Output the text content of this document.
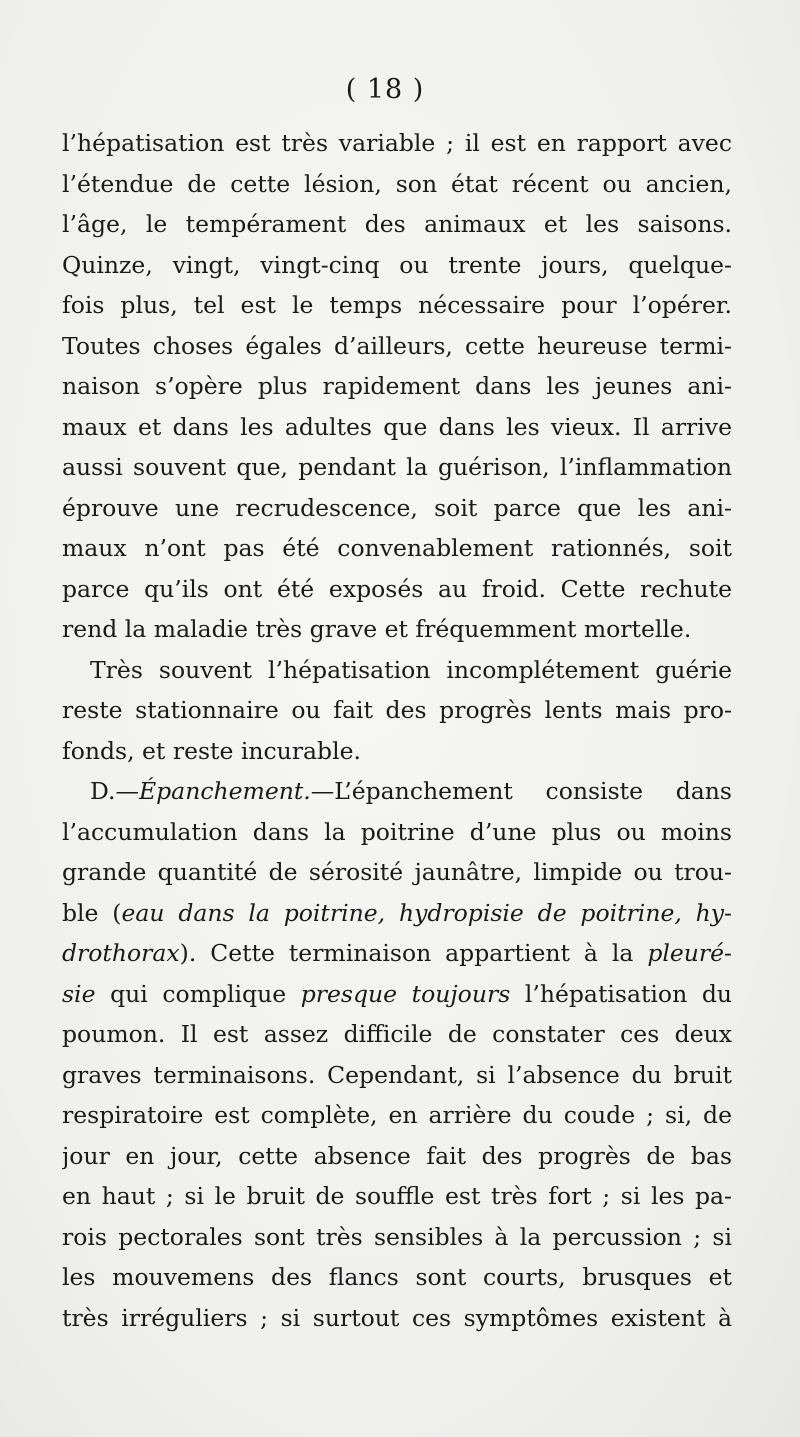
( 18 )
l’hépatisation est très variable ; il est en rapport avec
l’étendue de cette lésion, son état récent ou ancien,
l’âge, le tempérament des animaux et les saisons.
Quinze, vingt, vingt-cinq ou trente jours, quelque-
fois plus, tel est le temps nécessaire pour l’opérer.
Toutes choses égales d’ailleurs, cette heureuse termi-
naison s’opère plus rapidement dans les jeunes ani-
maux et dans les adultes que dans les vieux. Il arrive
aussi souvent que, pendant la guérison, l’inflammation
éprouve une recrudescence, soit parce que les ani-
maux n’ont pas été convenablement rationnés, soit
parce qu’ils ont été exposés au froid. Cette rechute
rend la maladie très grave et fréquemment mortelle.
Très souvent l’hépatisation incomplétement guérie
reste stationnaire ou fait des progrès lents mais pro-
fonds, et reste incurable.
D.—Épanchement.—L’épanchement consiste dans
l’accumulation dans la poitrine d’une plus ou moins
grande quantité de sérosité jaunâtre, limpide ou trou-
ble (eau dans la poitrine, hydropisie de poitrine, hy-
drothorax). Cette terminaison appartient à la pleuré-
sie qui complique presque toujours l’hépatisation du
poumon. Il est assez difficile de constater ces deux
graves terminaisons. Cependant, si l’absence du bruit
respiratoire est complète, en arrière du coude ; si, de
jour en jour, cette absence fait des progrès de bas
en haut ; si le bruit de souffle est très fort ; si les pa-
rois pectorales sont très sensibles à la percussion ; si
les mouvemens des flancs sont courts, brusques et
très irréguliers ; si surtout ces symptômes existent à
